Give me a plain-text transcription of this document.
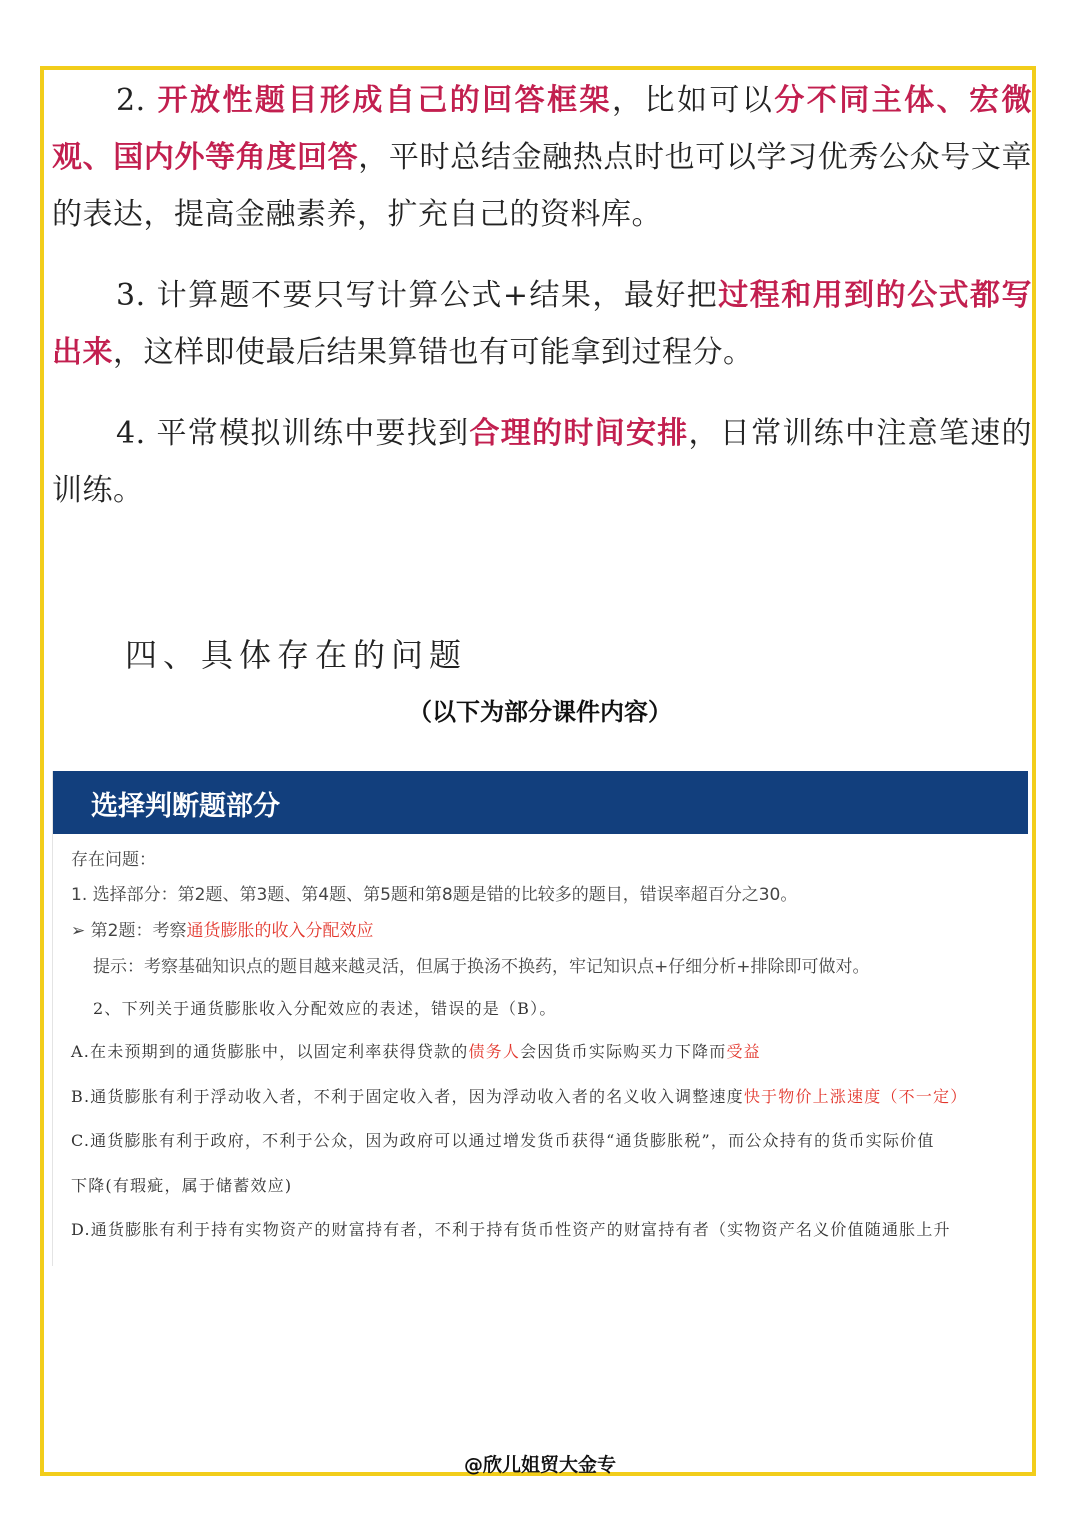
2. 开放性题目形成自己的回答框架，比如可以分不同主体、宏微观、国内外等角度回答，平时总结金融热点时也可以学习优秀公众号文章的表达，提高金融素养，扩充自己的资料库。
3. 计算题不要只写计算公式+结果，最好把过程和用到的公式都写出来，这样即使最后结果算错也有可能拿到过程分。
4. 平常模拟训练中要找到合理的时间安排，日常训练中注意笔速的训练。
四、具体存在的问题
（以下为部分课件内容）
选择判断题部分
存在问题：
1. 选择部分：第2题、第3题、第4题、第5题和第8题是错的比较多的题目，错误率超百分之30。
➢ 第2题：考察通货膨胀的收入分配效应
提示：考察基础知识点的题目越来越灵活，但属于换汤不换药，牢记知识点+仔细分析+排除即可做对。
2、下列关于通货膨胀收入分配效应的表述，错误的是（B）。
A.在未预期到的通货膨胀中，以固定利率获得贷款的债务人会因货币实际购买力下降而受益
B.通货膨胀有利于浮动收入者，不利于固定收入者，因为浮动收入者的名义收入调整速度快于物价上涨速度（不一定）
C.通货膨胀有利于政府，不利于公众，因为政府可以通过增发货币获得“通货膨胀税”，而公众持有的货币实际价值
下降(有瑕疵，属于储蓄效应)
D.通货膨胀有利于持有实物资产的财富持有者，不利于持有货币性资产的财富持有者（实物资产名义价值随通胀上升
@欣儿姐贸大金专
